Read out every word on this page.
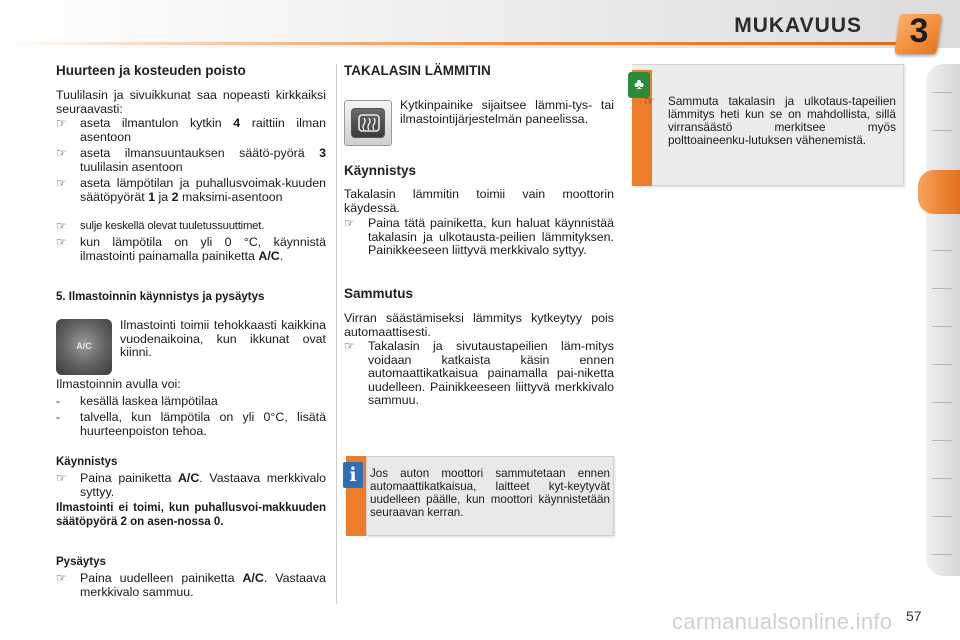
MUKAVUUS 3
Huurteen ja kosteuden poisto
Tuulilasin ja sivuikkunat saa nopeasti kirkkaiksi seuraavasti:
☞	aseta ilmantulon kytkin 4 raittiin ilman asentoon
☞	aseta ilmansuuntauksen säätö-pyörä 3 tuulilasin asentoon
☞	aseta lämpötilan ja puhallusvoimak-kuuden säätöpyörät 1 ja 2 maksimi-asentoon
☞	sulje keskellä olevat tuuletussuuttimet.
☞	kun lämpötila on yli 0 °C, käynnistä ilmastointi painamalla painiketta A/C.
5. Ilmastoinnin käynnistys ja pysäytys
A/C
Ilmastointi toimii tehokkaasti kaikkina vuodenaikoina, kun ikkunat ovat kiinni.
Ilmastoinnin avulla voi:
-	kesällä laskea lämpötilaa
-	talvella, kun lämpötila on yli 0°C, lisätä huurteenpoiston tehoa.
Käynnistys
☞	Paina painiketta A/C. Vastaava merkkivalo syttyy.
Ilmastointi ei toimi, kun puhallusvoi-makkuuden säätöpyörä 2 on asen-nossa 0.
Pysäytys
☞	Paina uudelleen painiketta A/C. Vastaava merkkivalo sammuu.
TAKALASIN LÄMMITIN
Kytkinpainike sijaitsee lämmi-tys- tai ilmastointijärjestelmän paneelissa.
Käynnistys
Takalasin lämmitin toimii vain moottorin käydessä.
☞	Paina tätä painiketta, kun haluat käynnistää takalasin ja ulkotausta-peilien lämmityksen. Painikkeeseen liittyvä merkkivalo syttyy.
Sammutus
Virran säästämiseksi lämmitys kytkeytyy pois automaattisesti.
☞	Takalasin ja sivutaustapeilien läm-mitys voidaan katkaista käsin ennen automaattikatkaisua painamalla pai-niketta uudelleen. Painikkeeseen liittyvä merkkivalo sammuu.
i	Jos auton moottori sammutetaan ennen automaattikatkaisua, laitteet kyt-keytyvät uudelleen päälle, kun moottori käynnistetään seuraavan kerran.
♣
☞	Sammuta takalasin ja ulkotaus-tapeilien lämmitys heti kun se on mahdollista, sillä virransäästö merkitsee myös polttoaineenku-lutuksen vähenemistä.
carmanualsonline.info 57
